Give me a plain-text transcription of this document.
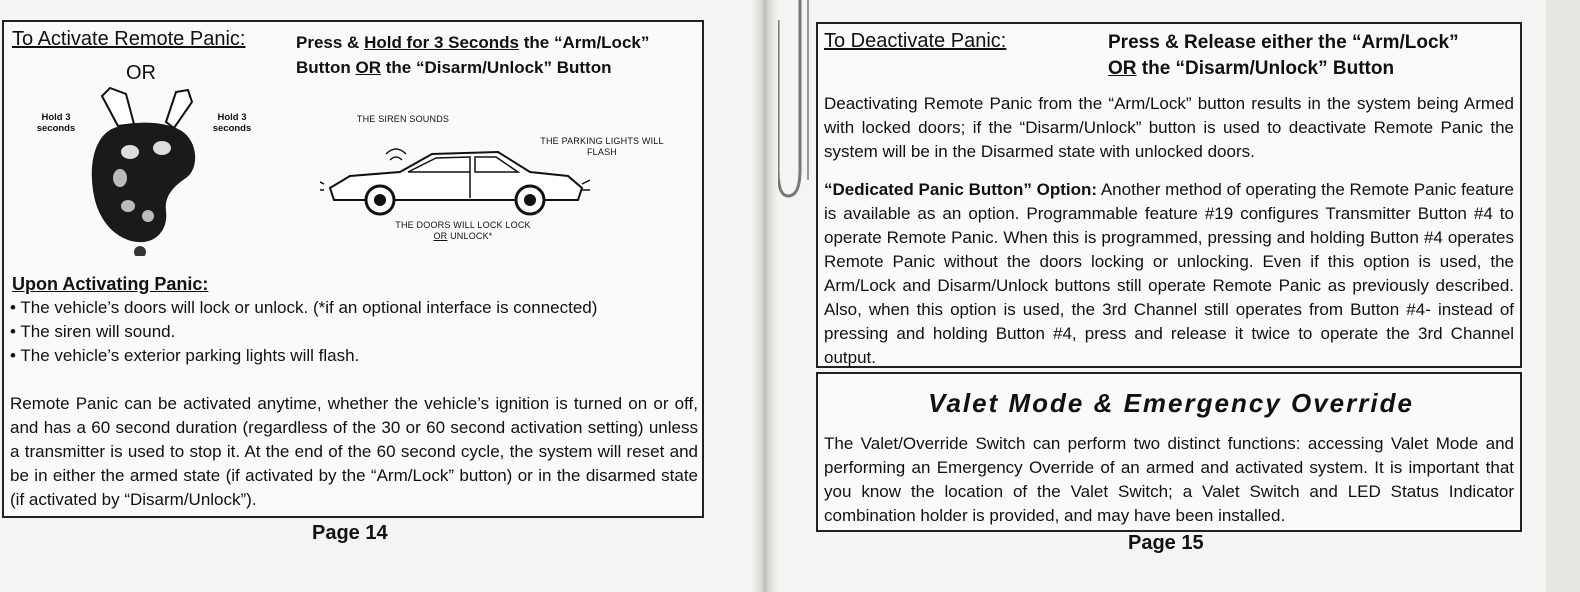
To Activate Remote Panic:	Press & Hold for 3 Seconds the “Arm/Lock”
Button OR the “Disarm/Unlock” Button
OR
Hold 3 seconds
Hold 3 seconds
THE SIREN SOUNDS
THE PARKING LIGHTS WILL FLASH
THE DOORS WILL LOCK LOCK
OR UNLOCK*
Upon Activating Panic:
• The vehicle’s doors will lock or unlock. (*if an optional interface is connected)
• The siren will sound.
• The vehicle’s exterior parking lights will flash.
Remote Panic can be activated anytime, whether the vehicle’s ignition is turned on or off, and has a 60 second duration (regardless of the 30 or 60 second activation setting) unless a transmitter is used to stop it. At the end of the 60 second cycle, the system will reset and be in either the armed state (if activated by the “Arm/Lock” button) or in the disarmed state (if activated by “Disarm/Unlock”).
Page 14
To Deactivate Panic:	Press & Release either the “Arm/Lock”
OR the “Disarm/Unlock” Button
Deactivating Remote Panic from the “Arm/Lock” button results in the system being Armed with locked doors; if the “Disarm/Unlock” button is used to deactivate Remote Panic the system will be in the Disarmed state with unlocked doors.
“Dedicated Panic Button” Option: Another method of operating the Remote Panic feature is available as an option. Programmable feature #19 configures Transmitter Button #4 to operate Remote Panic. When this is programmed, pressing and holding Button #4 operates Remote Panic without the doors locking or unlocking. Even if this option is used, the Arm/Lock and Disarm/Unlock buttons still operate Remote Panic as previously described. Also, when this option is used, the 3rd Channel still operates from Button #4- instead of pressing and holding Button #4, press and release it twice to operate the 3rd Channel output.
Valet Mode & Emergency Override
The Valet/Override Switch can perform two distinct functions: accessing Valet Mode and performing an Emergency Override of an armed and activated system. It is important that you know the location of the Valet Switch; a Valet Switch and LED Status Indicator combination holder is provided, and may have been installed.
Page 15
